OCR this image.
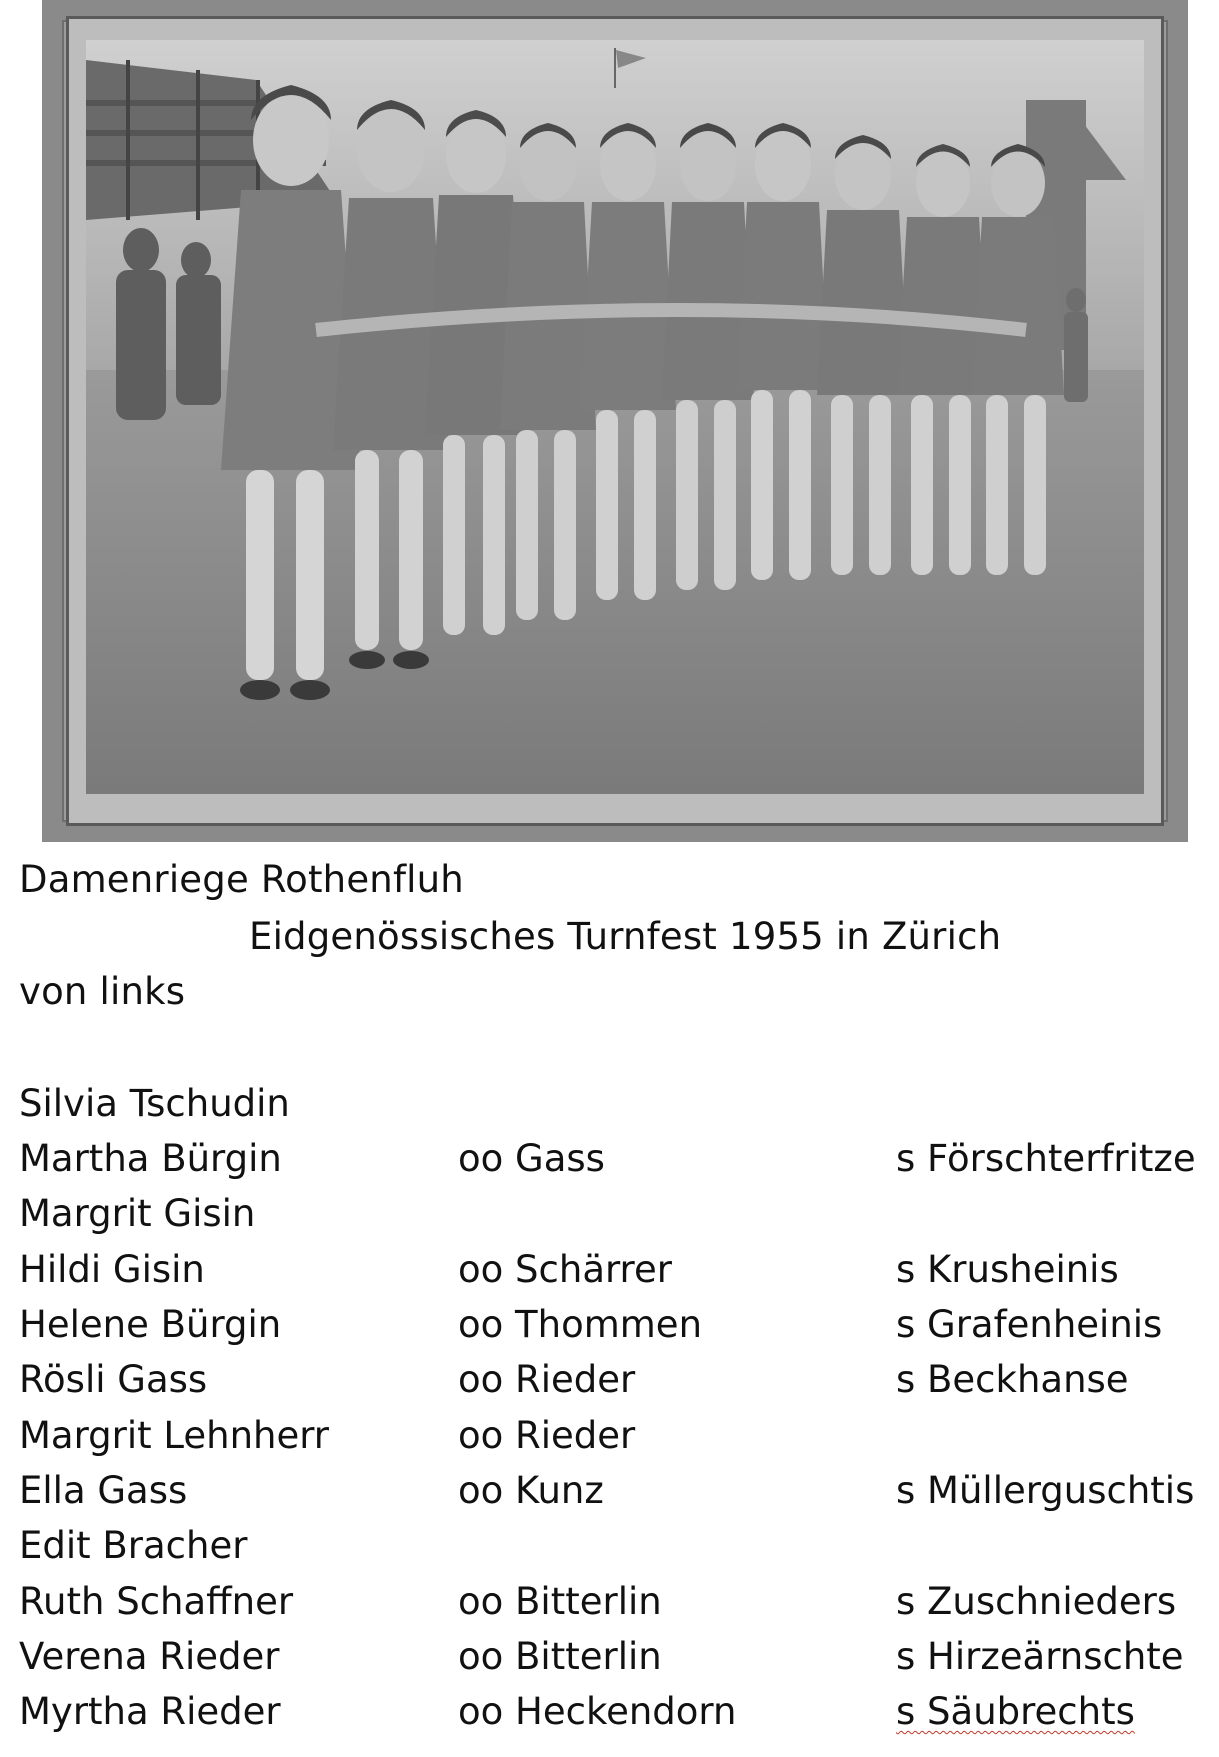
Damenriege Rothenfluh
Eidgenössisches Turnfest 1955 in Zürich
von links
Silvia Tschudin
Martha Bürgin	oo Gass	s Förschterfritze
Margrit Gisin
Hildi Gisin	oo Schärrer	s Krusheinis
Helene Bürgin	oo Thommen	s Grafenheinis
Rösli Gass	oo Rieder	s Beckhanse
Margrit Lehnherr	oo Rieder
Ella Gass	oo Kunz	s Müllerguschtis
Edit Bracher
Ruth Schaffner	oo Bitterlin	s Zuschnieders
Verena Rieder	oo Bitterlin	s Hirzeärnschte
Myrtha Rieder	oo Heckendorn	s Säubrechts
